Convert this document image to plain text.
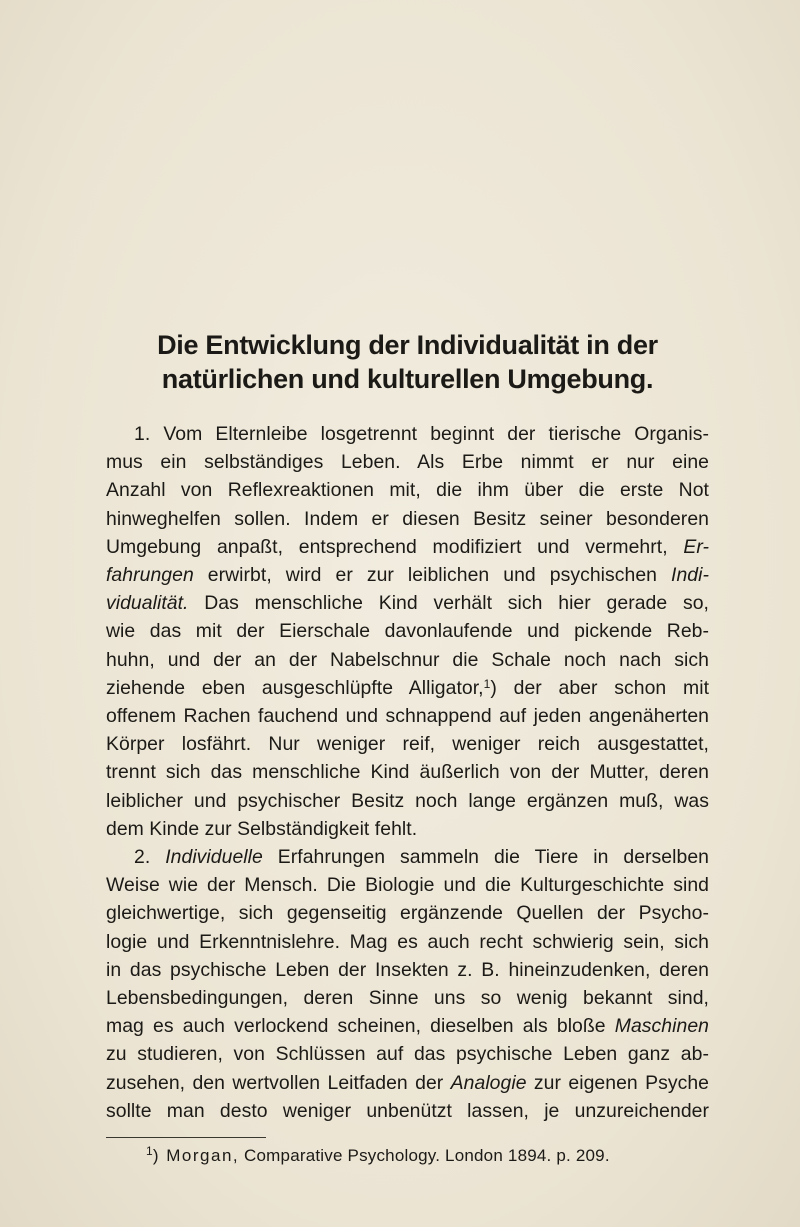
Die Entwicklung der Individualität in der
natürlichen und kulturellen Umgebung.

1. Vom Elternleibe losgetrennt beginnt der tierische Organis-
mus ein selbständiges Leben. Als Erbe nimmt er nur eine
Anzahl von Reflexreaktionen mit, die ihm über die erste Not
hinweghelfen sollen. Indem er diesen Besitz seiner besonderen
Umgebung anpaßt, entsprechend modifiziert und vermehrt, Er-
fahrungen erwirbt, wird er zur leiblichen und psychischen Indi-
vidualität. Das menschliche Kind verhält sich hier gerade so,
wie das mit der Eierschale davonlaufende und pickende Reb-
huhn, und der an der Nabelschnur die Schale noch nach sich
ziehende eben ausgeschlüpfte Alligator,$^1$) der aber schon mit
offenem Rachen fauchend und schnappend auf jeden angenäherten
Körper losfährt. Nur weniger reif, weniger reich ausgestattet,
trennt sich das menschliche Kind äußerlich von der Mutter, deren
leiblicher und psychischer Besitz noch lange ergänzen muß, was
dem Kinde zur Selbständigkeit fehlt.

2. Individuelle Erfahrungen sammeln die Tiere in derselben
Weise wie der Mensch. Die Biologie und die Kulturgeschichte sind
gleichwertige, sich gegenseitig ergänzende Quellen der Psycho-
logie und Erkenntnislehre. Mag es auch recht schwierig sein, sich
in das psychische Leben der Insekten z. B. hineinzudenken, deren
Lebensbedingungen, deren Sinne uns so wenig bekannt sind,
mag es auch verlockend scheinen, dieselben als bloße Maschinen
zu studieren, von Schlüssen auf das psychische Leben ganz ab-
zusehen, den wertvollen Leitfaden der Analogie zur eigenen Psyche
sollte man desto weniger unbenützt lassen, je unzureichender

$^1$) Morgan, Comparative Psychology. London 1894. p. 209.
